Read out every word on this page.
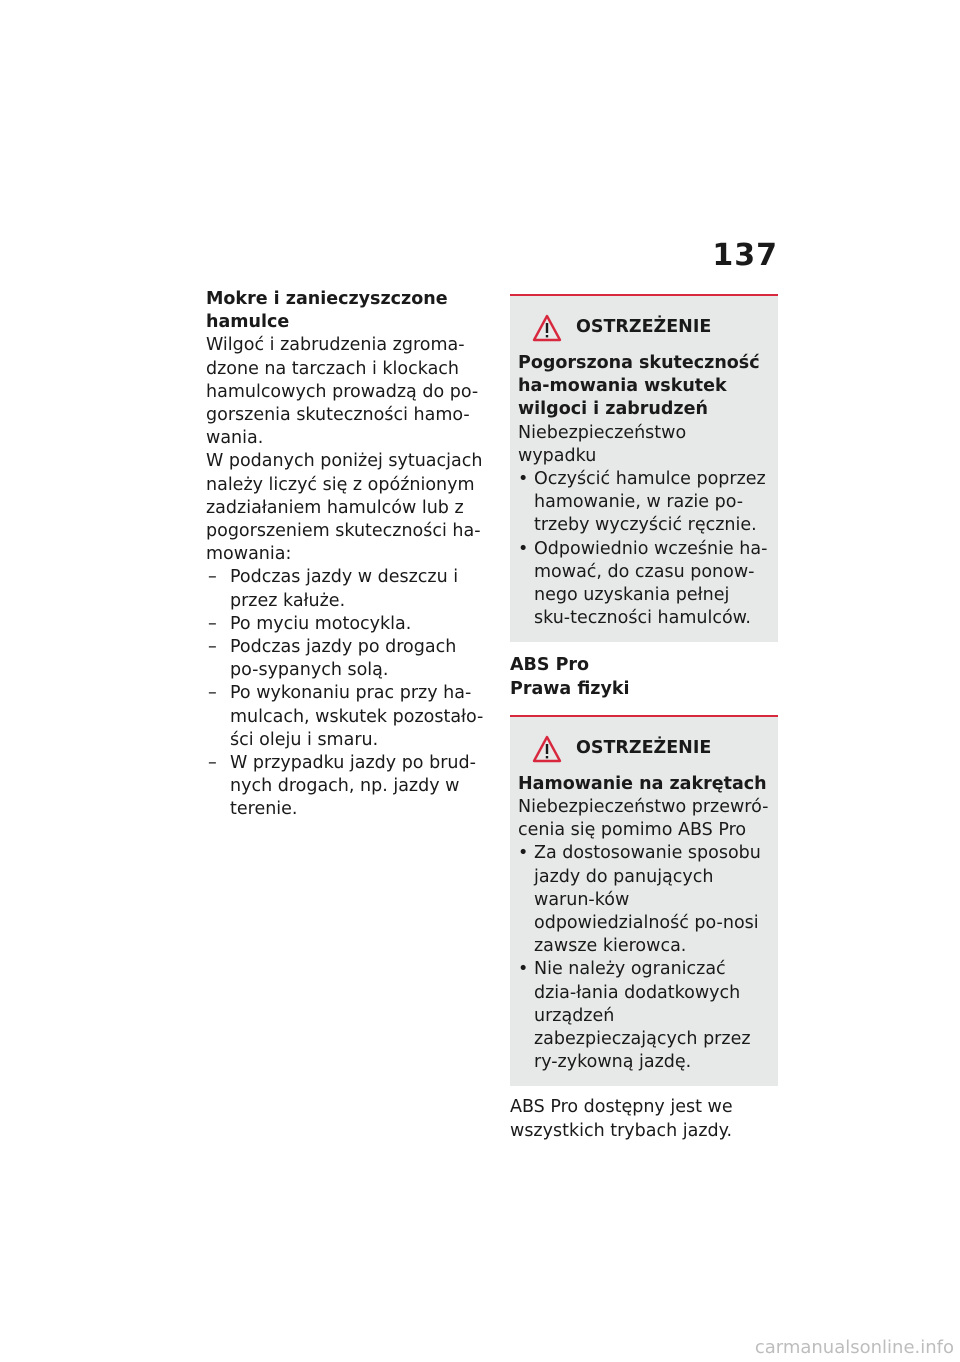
137

Mokre i zanieczyszczone hamulce

Wilgoć i zabrudzenia zgroma-dzone na tarczach i klockach hamulcowych prowadzą do po-gorszenia skuteczności hamo-wania.

W podanych poniżej sytuacjach należy liczyć się z opóźnionym zadziałaniem hamulców lub z pogorszeniem skuteczności ha-mowania:

– Podczas jazdy w deszczu i przez kałuże.
– Po myciu motocykla.
– Podczas jazdy po drogach po-sypanych solą.
– Po wykonaniu prac przy ha-mulcach, wskutek pozostało-ści oleju i smaru.
– W przypadku jazdy po brud-nych drogach, np. jazdy w terenie.
OSTRZEŻENIE

Pogorszona skuteczność ha-mowania wskutek wilgoci i zabrudzeń

Niebezpieczeństwo wypadku

• Oczyścić hamulce poprzez hamowanie, w razie po-trzeby wyczyścić ręcznie.
• Odpowiednio wcześnie ha-mować, do czasu ponow-nego uzyskania pełnej sku-teczności hamulców.

ABS Pro

Prawa fizyki

OSTRZEŻENIE

Hamowanie na zakrętach

Niebezpieczeństwo przewró-cenia się pomimo ABS Pro

• Za dostosowanie sposobu jazdy do panujących warun-ków odpowiedzialność po-nosi zawsze kierowca.
• Nie należy ograniczać dzia-łania dodatkowych urządzeń zabezpieczających przez ry-zykowną jazdę.

ABS Pro dostępny jest we wszystkich trybach jazdy.

carmanualsonline.info
